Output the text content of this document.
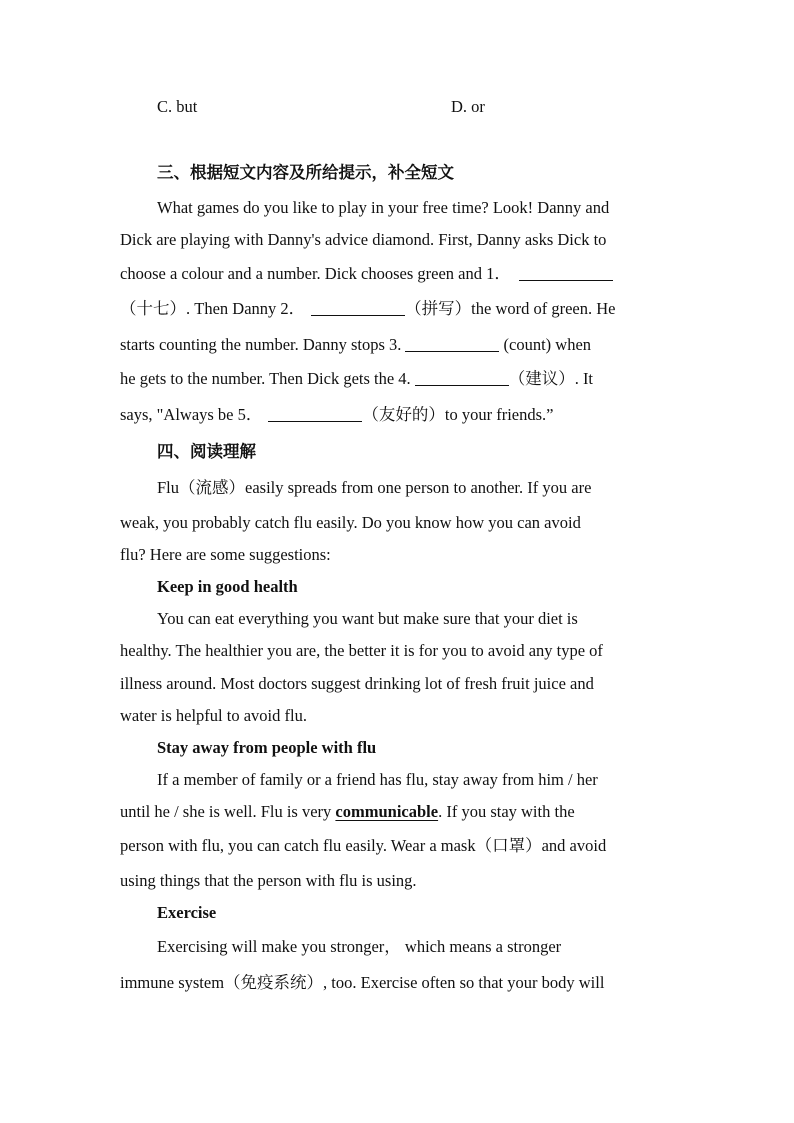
C. but	D. or

三、根据短文内容及所给提示，补全短文

What games do you like to play in your free time? Look! Danny and

Dick are playing with Danny's advice diamond. First, Danny asks Dick to

choose a colour and a number. Dick chooses green and 1．

（十七）. Then Danny 2．	（拼写）the word of green. He

starts counting the number. Danny stops 3.	(count) when

he gets to the number. Then Dick gets the 4.	（建议）. It

says, "Always be 5．	（友好的）to your friends.”

四、阅读理解

Flu（流感）easily spreads from one person to another. If you are

weak, you probably catch flu easily. Do you know how you can avoid

flu? Here are some suggestions:

Keep in good health

You can eat everything you want but make sure that your diet is

healthy. The healthier you are, the better it is for you to avoid any type of

illness around. Most doctors suggest drinking lot of fresh fruit juice and

water is helpful to avoid flu.

Stay away from people with flu

If a member of family or a friend has flu, stay away from him / her

until he / she is well. Flu is very communicable. If you stay with the

person with flu, you can catch flu easily. Wear a mask（口罩）and avoid

using things that the person with flu is using.

Exercise

Exercising will make you stronger， which means a stronger

immune system（免疫系统）, too. Exercise often so that your body will
